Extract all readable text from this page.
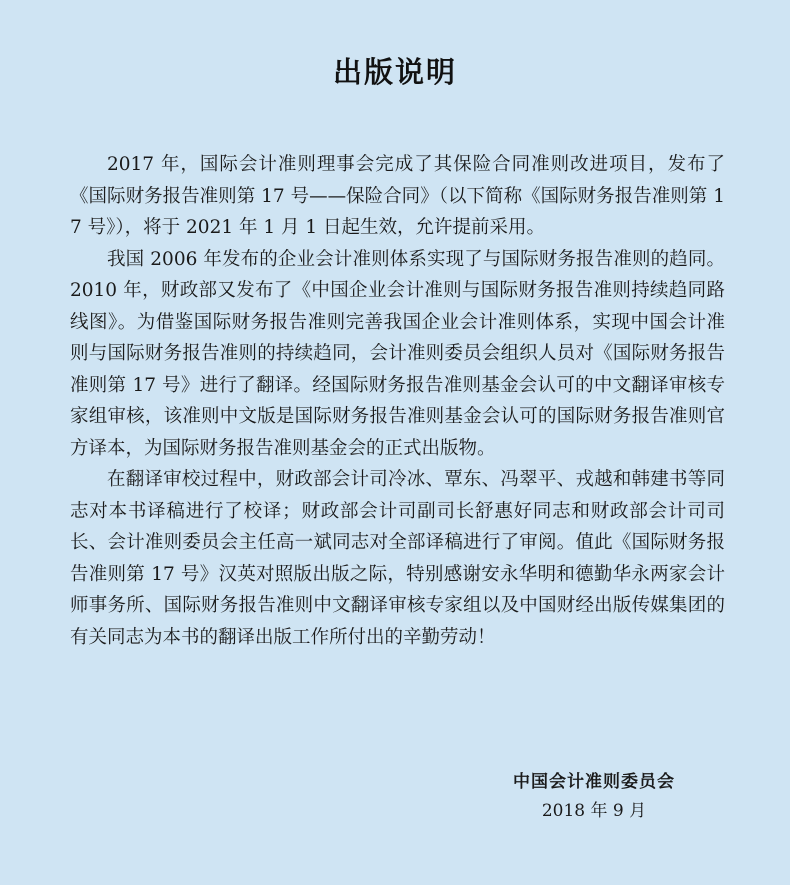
出版说明

2017 年，国际会计准则理事会完成了其保险合同准则改进项目，发布了《国际财务报告准则第 17 号——保险合同》（以下简称《国际财务报告准则第 17 号》），将于 2021 年 1 月 1 日起生效，允许提前采用。

我国 2006 年发布的企业会计准则体系实现了与国际财务报告准则的趋同。2010 年，财政部又发布了《中国企业会计准则与国际财务报告准则持续趋同路线图》。为借鉴国际财务报告准则完善我国企业会计准则体系，实现中国会计准则与国际财务报告准则的持续趋同，会计准则委员会组织人员对《国际财务报告准则第 17 号》进行了翻译。经国际财务报告准则基金会认可的中文翻译审核专家组审核，该准则中文版是国际财务报告准则基金会认可的国际财务报告准则官方译本，为国际财务报告准则基金会的正式出版物。

在翻译审校过程中，财政部会计司冷冰、覃东、冯翠平、戎越和韩建书等同志对本书译稿进行了校译；财政部会计司副司长舒惠好同志和财政部会计司司长、会计准则委员会主任高一斌同志对全部译稿进行了审阅。值此《国际财务报告准则第 17 号》汉英对照版出版之际，特别感谢安永华明和德勤华永两家会计师事务所、国际财务报告准则中文翻译审核专家组以及中国财经出版传媒集团的有关同志为本书的翻译出版工作所付出的辛勤劳动！

中国会计准则委员会
2018 年 9 月
